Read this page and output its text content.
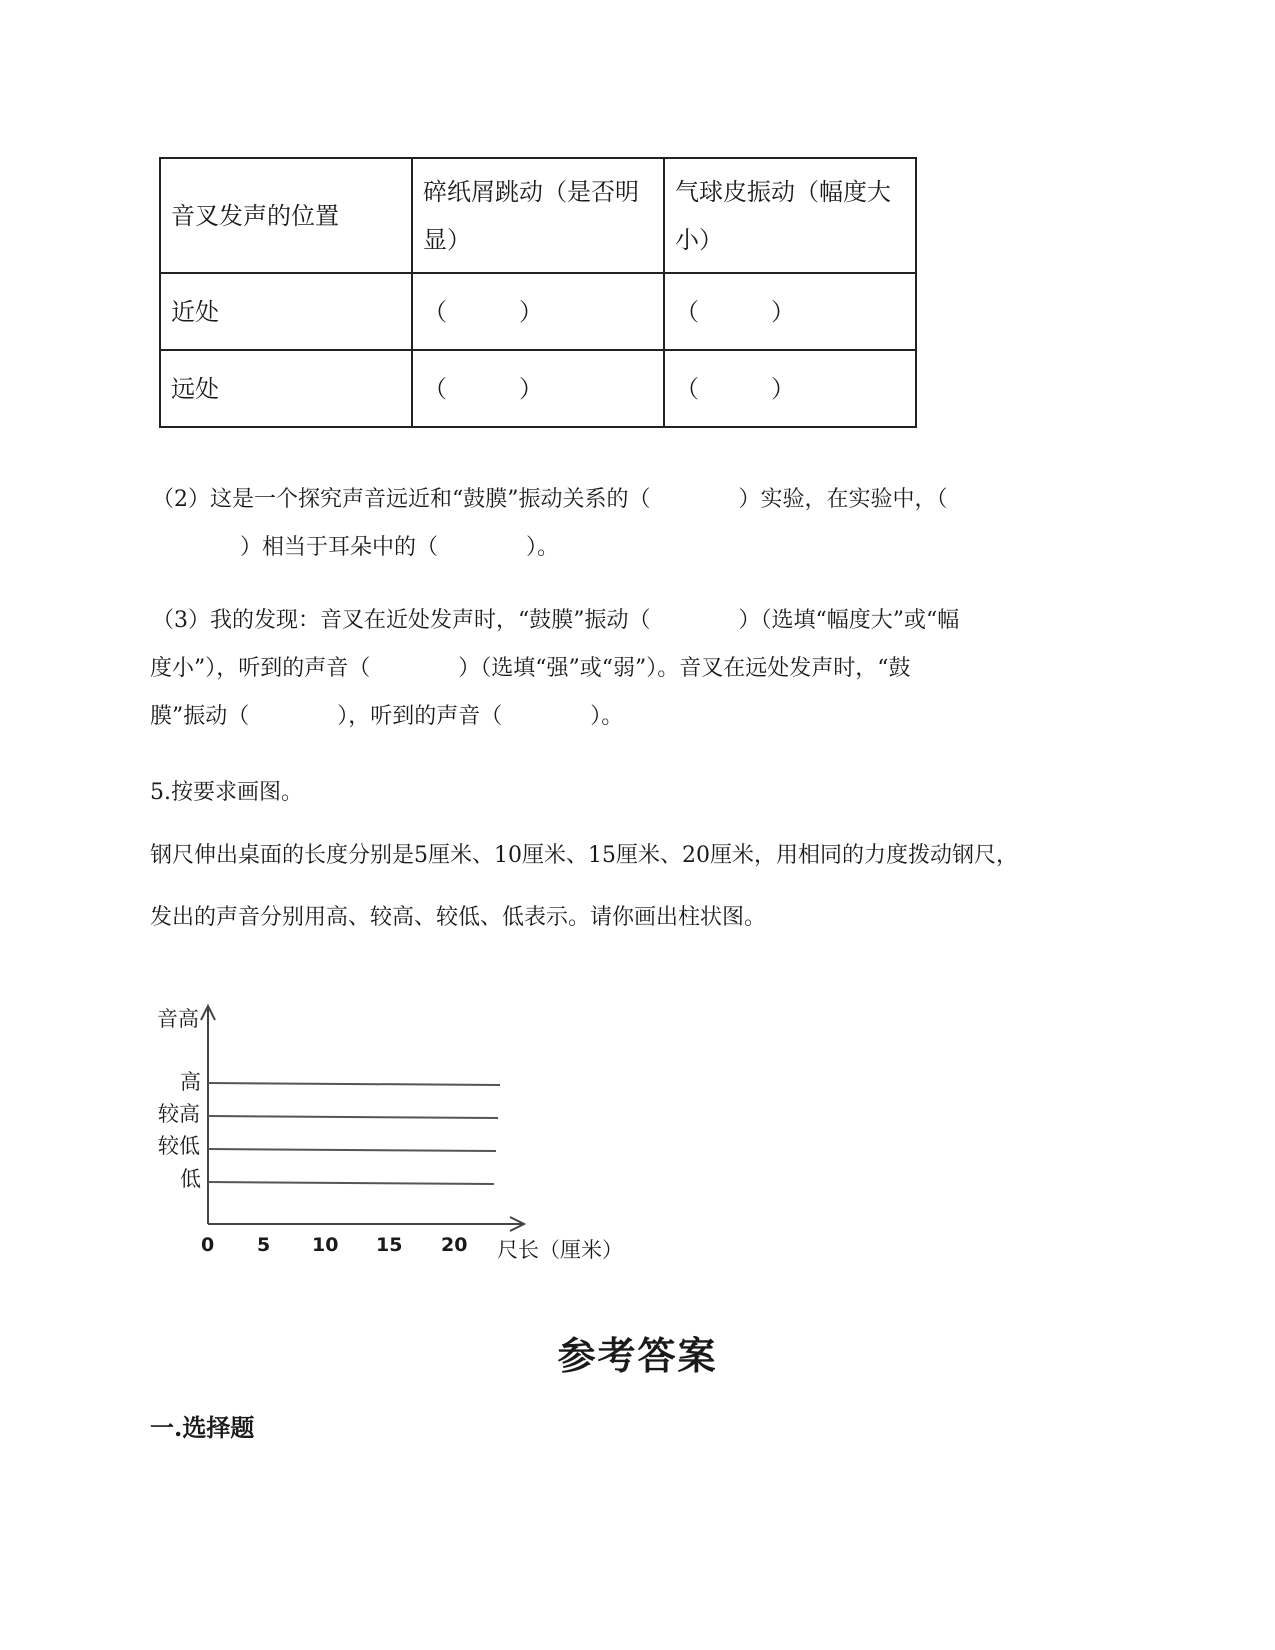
音叉发声的位置	碎纸屑跳动（是否明显）	气球皮振动（幅度大小）
近处	（　　　）	（　　　）
远处	（　　　）	（　　　）
（2）这是一个探究声音远近和“鼓膜”振动关系的（　　　　）实验，在实验中，（
　　　　）相当于耳朵中的（　　　　）。
（3）我的发现：音叉在近处发声时，“鼓膜”振动（　　　　）（选填“幅度大”或“幅
度小”），听到的声音（　　　　）（选填“强”或“弱”）。音叉在远处发声时，“鼓
膜”振动（　　　　），听到的声音（　　　　）。
5.按要求画图。
钢尺伸出桌面的长度分别是5厘米、10厘米、15厘米、20厘米，用相同的力度拨动钢尺，
发出的声音分别用高、较高、较低、低表示。请你画出柱状图。
音高
高
较高
较低
低
0 5 10 15 20 尺长（厘米）
参考答案
一.选择题
